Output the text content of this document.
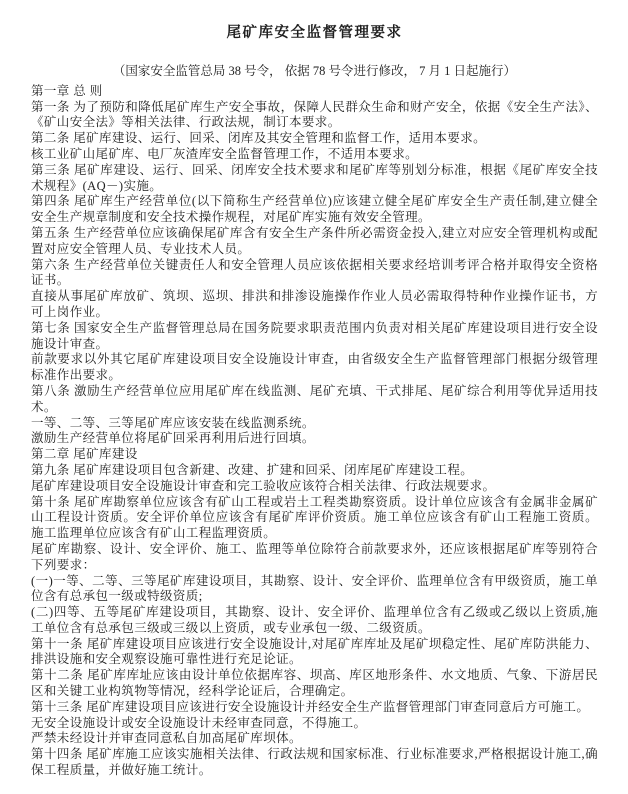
尾矿库安全监督管理要求

（国家安全监管总局 38 号令， 依据 78 号令进行修改， 7 月 1 日起施行）

第一章 总 则

第一条 为了预防和降低尾矿库生产安全事故，保障人民群众生命和财产安全，依据《安全生产法》、《矿山安全法》等相关法律、行政法规，制订本要求。

第二条 尾矿库建设、运行、回采、闭库及其安全管理和监督工作，适用本要求。

核工业矿山尾矿库、电厂灰渣库安全监督管理工作，不适用本要求。

第三条 尾矿库建设、运行、回采、闭库安全技术要求和尾矿库等别划分标准，根据《尾矿库安全技术规程》(AQ－)实施。

第四条 尾矿库生产经营单位(以下简称生产经营单位)应该建立健全尾矿库安全生产责任制,建立健全安全生产规章制度和安全技术操作规程，对尾矿库实施有效安全管理。

第五条 生产经营单位应该确保尾矿库含有安全生产条件所必需资金投入,建立对应安全管理机构或配置对应安全管理人员、专业技术人员。

第六条 生产经营单位关键责任人和安全管理人员应该依据相关要求经培训考评合格并取得安全资格证书。

直接从事尾矿库放矿、筑坝、巡坝、排洪和排渗设施操作作业人员必需取得特种作业操作证书，方可上岗作业。

第七条 国家安全生产监督管理总局在国务院要求职责范围内负责对相关尾矿库建设项目进行安全设施设计审查。

前款要求以外其它尾矿库建设项目安全设施设计审查，由省级安全生产监督管理部门根据分级管理标准作出要求。

第八条 激励生产经营单位应用尾矿库在线监测、尾矿充填、干式排尾、尾矿综合利用等优异适用技术。

一等、二等、三等尾矿库应该安装在线监测系统。

激励生产经营单位将尾矿回采再利用后进行回填。

第二章 尾矿库建设

第九条 尾矿库建设项目包含新建、改建、扩建和回采、闭库尾矿库建设工程。

尾矿库建设项目安全设施设计审查和完工验收应该符合相关法律、行政法规要求。

第十条 尾矿库勘察单位应该含有矿山工程或岩土工程类勘察资质。设计单位应该含有金属非金属矿山工程设计资质。安全评价单位应该含有尾矿库评价资质。施工单位应该含有矿山工程施工资质。施工监理单位应该含有矿山工程监理资质。

尾矿库勘察、设计、安全评价、施工、监理等单位除符合前款要求外，还应该根据尾矿库等别符合下列要求：

(一)一等、二等、三等尾矿库建设项目，其勘察、设计、安全评价、监理单位含有甲级资质，施工单位含有总承包一级或特级资质;

(二)四等、五等尾矿库建设项目，其勘察、设计、安全评价、监理单位含有乙级或乙级以上资质,施工单位含有总承包三级或三级以上资质，或专业承包一级、二级资质。

第十一条 尾矿库建设项目应该进行安全设施设计,对尾矿库库址及尾矿坝稳定性、尾矿库防洪能力、排洪设施和安全观察设施可靠性进行充足论证。

第十二条 尾矿库库址应该由设计单位依据库容、坝高、库区地形条件、水文地质、气象、下游居民区和关键工业构筑物等情况，经科学论证后，合理确定。

第十三条 尾矿库建设项目应该进行安全设施设计并经安全生产监督管理部门审查同意后方可施工。

无安全设施设计或安全设施设计未经审查同意，不得施工。

严禁未经设计并审查同意私自加高尾矿库坝体。

第十四条 尾矿库施工应该实施相关法律、行政法规和国家标准、行业标准要求,严格根据设计施工,确保工程质量，并做好施工统计。
